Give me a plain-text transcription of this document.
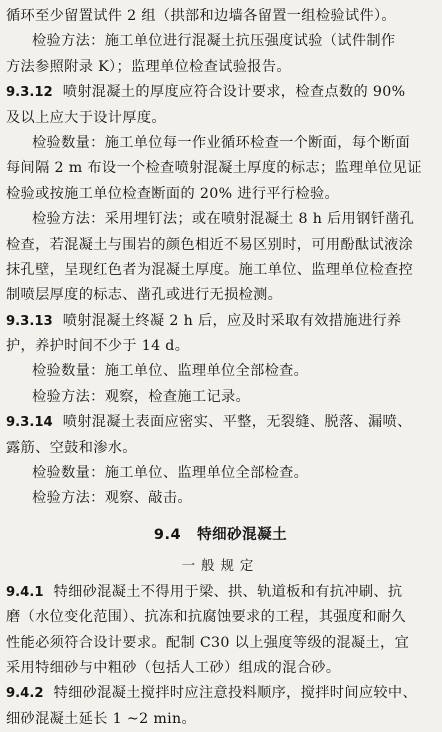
循环至少留置试件 2 组（拱部和边墙各留置一组检验试件）。
检验方法：施工单位进行混凝土抗压强度试验（试件制作
方法参照附录 K）；监理单位检查试验报告。
9.3.12 喷射混凝土的厚度应符合设计要求，检查点数的 90%
及以上应大于设计厚度。
检验数量：施工单位每一作业循环检查一个断面，每个断面
每间隔 2 m 布设一个检查喷射混凝土厚度的标志；监理单位见证
检验或按施工单位检查断面的 20% 进行平行检验。
检验方法：采用埋钉法；或在喷射混凝土 8 h 后用钢钎凿孔
检查，若混凝土与围岩的颜色相近不易区别时，可用酚酞试液涂
抹孔壁，呈现红色者为混凝土厚度。施工单位、监理单位检查控
制喷层厚度的标志、凿孔或进行无损检测。
9.3.13 喷射混凝土终凝 2 h 后，应及时采取有效措施进行养
护，养护时间不少于 14 d。
检验数量：施工单位、监理单位全部检查。
检验方法：观察，检查施工记录。
9.3.14 喷射混凝土表面应密实、平整，无裂缝、脱落、漏喷、
露筋、空鼓和渗水。
检验数量：施工单位、监理单位全部检查。
检验方法：观察、敲击。
9.4 特细砂混凝土
一般规定
9.4.1 特细砂混凝土不得用于梁、拱、轨道板和有抗冲刷、抗
磨（水位变化范围）、抗冻和抗腐蚀要求的工程，其强度和耐久
性能必须符合设计要求。配制 C30 以上强度等级的混凝土，宜
采用特细砂与中粗砂（包括人工砂）组成的混合砂。
9.4.2 特细砂混凝土搅拌时应注意投料顺序，搅拌时间应较中、
细砂混凝土延长 1 ~2 min。
